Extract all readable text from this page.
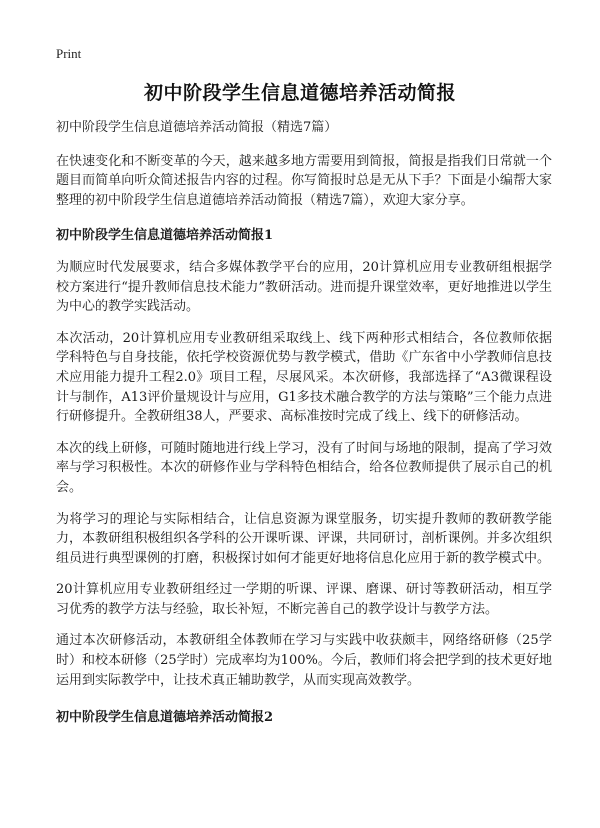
Print
初中阶段学生信息道德培养活动简报

初中阶段学生信息道德培养活动简报（精选7篇）

在快速变化和不断变革的今天，越来越多地方需要用到简报，简报是指我们日常就一个题目而简单向听众简述报告内容的过程。你写简报时总是无从下手？下面是小编帮大家整理的初中阶段学生信息道德培养活动简报（精选7篇），欢迎大家分享。

初中阶段学生信息道德培养活动简报1

为顺应时代发展要求，结合多媒体教学平台的应用，20计算机应用专业教研组根据学校方案进行“提升教师信息技术能力”教研活动。进而提升课堂效率，更好地推进以学生为中心的教学实践活动。

本次活动，20计算机应用专业教研组采取线上、线下两种形式相结合，各位教师依据学科特色与自身技能，依托学校资源优势与教学模式，借助《广东省中小学教师信息技术应用能力提升工程2.0》项目工程，尽展风采。本次研修，我部选择了“A3微课程设计与制作，A13评价量规设计与应用，G1多技术融合教学的方法与策略”三个能力点进行研修提升。全教研组38人，严要求、高标准按时完成了线上、线下的研修活动。

本次的线上研修，可随时随地进行线上学习，没有了时间与场地的限制，提高了学习效率与学习积极性。本次的研修作业与学科特色相结合，给各位教师提供了展示自己的机会。

为将学习的理论与实际相结合，让信息资源为课堂服务，切实提升教师的教研教学能力，本教研组积极组织各学科的公开课听课、评课，共同研讨，剖析课例。并多次组织组员进行典型课例的打磨，积极探讨如何才能更好地将信息化应用于新的教学模式中。

20计算机应用专业教研组经过一学期的听课、评课、磨课、研讨等教研活动，相互学习优秀的教学方法与经验，取长补短，不断完善自己的教学设计与教学方法。

通过本次研修活动，本教研组全体教师在学习与实践中收获颇丰，网络络研修（25学时）和校本研修（25学时）完成率均为100%。今后，教师们将会把学到的技术更好地运用到实际教学中，让技术真正辅助教学，从而实现高效教学。

初中阶段学生信息道德培养活动简报2
